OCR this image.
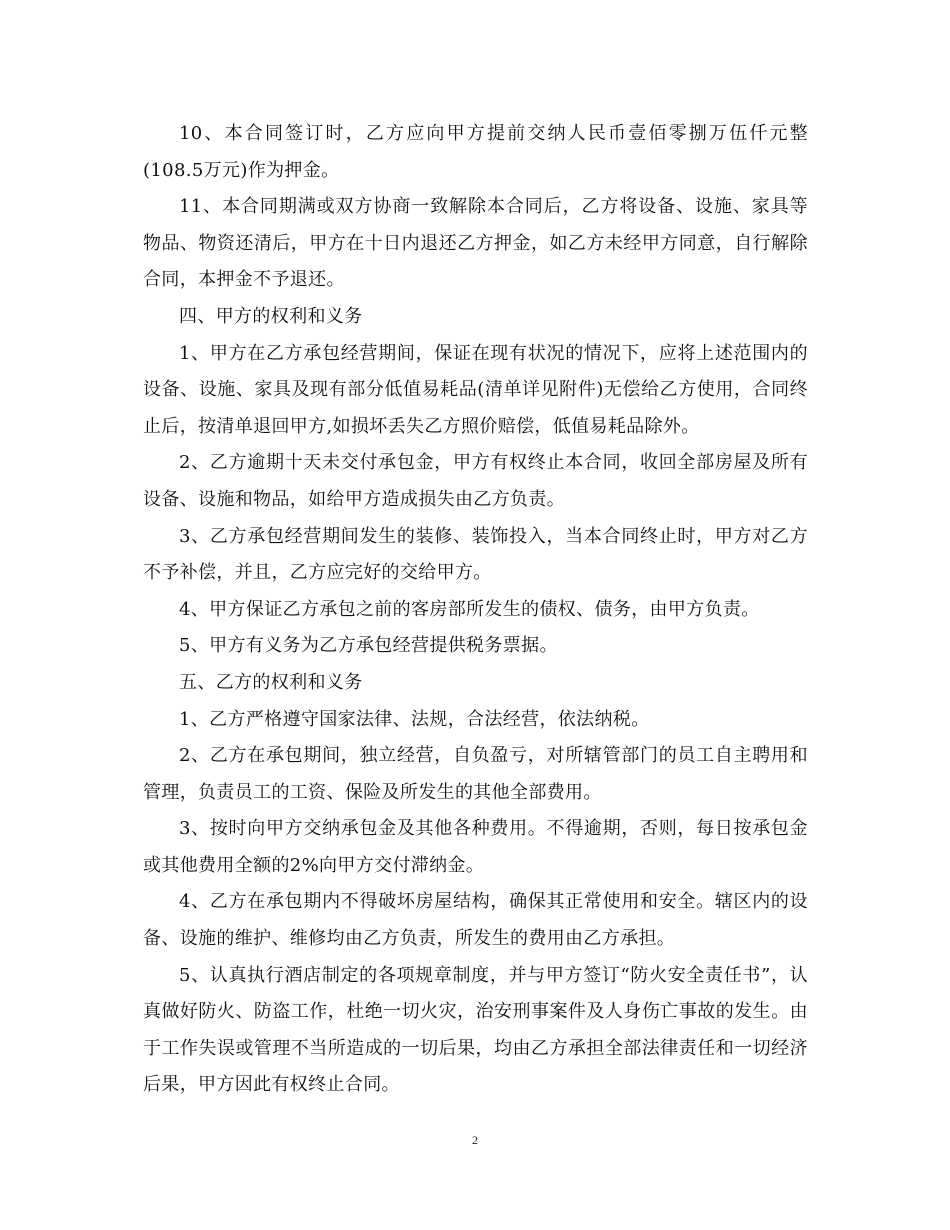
10、本合同签订时，乙方应向甲方提前交纳人民币壹佰零捌万伍仟元整(108.5万元)作为押金。

11、本合同期满或双方协商一致解除本合同后，乙方将设备、设施、家具等物品、物资还清后，甲方在十日内退还乙方押金，如乙方未经甲方同意，自行解除合同，本押金不予退还。

四、甲方的权利和义务

1、甲方在乙方承包经营期间，保证在现有状况的情况下，应将上述范围内的设备、设施、家具及现有部分低值易耗品(清单详见附件)无偿给乙方使用，合同终止后，按清单退回甲方,如损坏丢失乙方照价赔偿，低值易耗品除外。

2、乙方逾期十天未交付承包金，甲方有权终止本合同，收回全部房屋及所有设备、设施和物品，如给甲方造成损失由乙方负责。

3、乙方承包经营期间发生的装修、装饰投入，当本合同终止时，甲方对乙方不予补偿，并且，乙方应完好的交给甲方。

4、甲方保证乙方承包之前的客房部所发生的债权、债务，由甲方负责。

5、甲方有义务为乙方承包经营提供税务票据。

五、乙方的权利和义务

1、乙方严格遵守国家法律、法规，合法经营，依法纳税。

2、乙方在承包期间，独立经营，自负盈亏，对所辖管部门的员工自主聘用和管理，负责员工的工资、保险及所发生的其他全部费用。

3、按时向甲方交纳承包金及其他各种费用。不得逾期，否则，每日按承包金或其他费用全额的2%向甲方交付滞纳金。

4、乙方在承包期内不得破坏房屋结构，确保其正常使用和安全。辖区内的设备、设施的维护、维修均由乙方负责，所发生的费用由乙方承担。

5、认真执行酒店制定的各项规章制度，并与甲方签订“防火安全责任书”，认真做好防火、防盗工作，杜绝一切火灾，治安刑事案件及人身伤亡事故的发生。由于工作失误或管理不当所造成的一切后果，均由乙方承担全部法律责任和一切经济后果，甲方因此有权终止合同。

2
